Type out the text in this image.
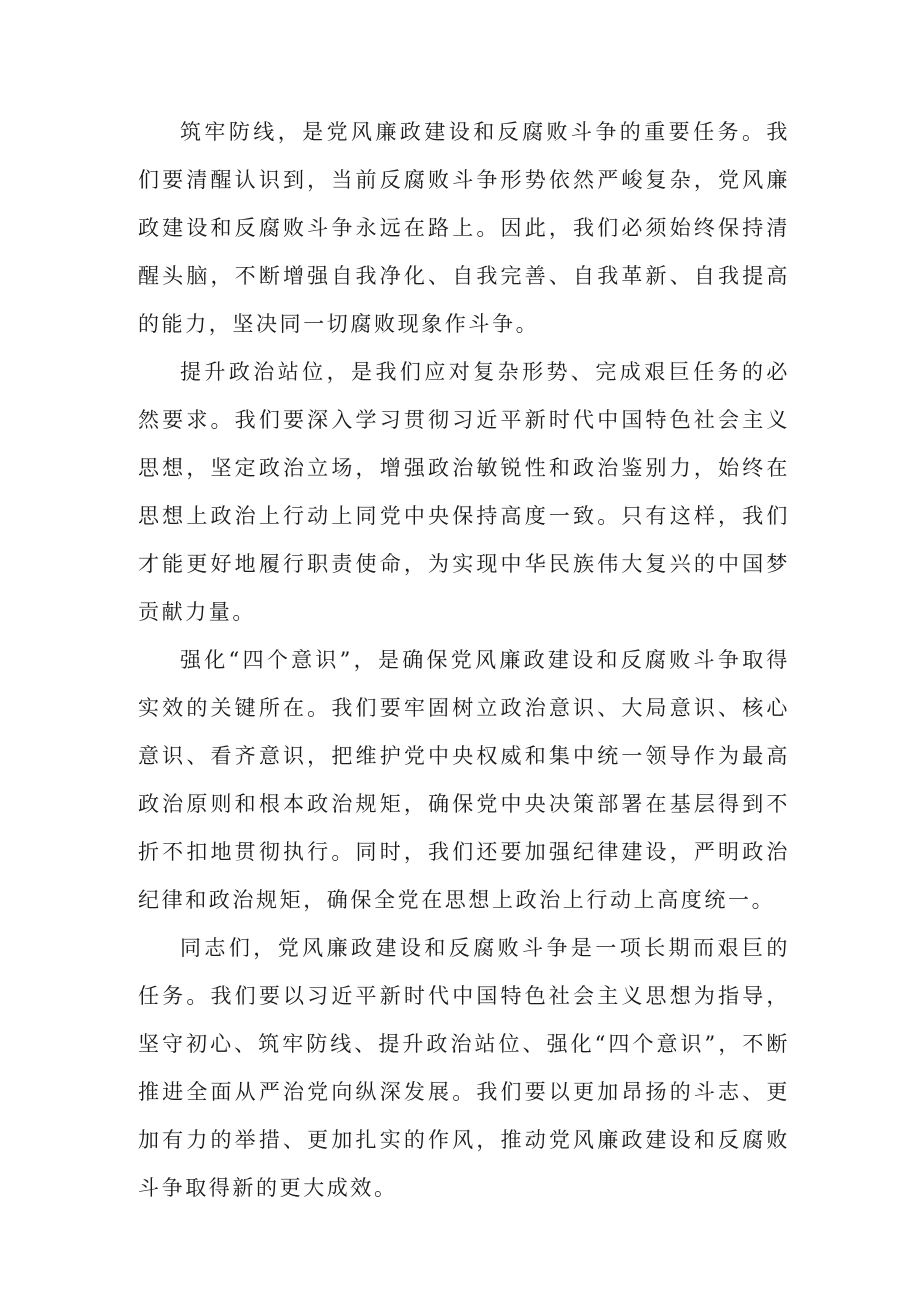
筑牢防线，是党风廉政建设和反腐败斗争的重要任务。我们要清醒认识到，当前反腐败斗争形势依然严峻复杂，党风廉政建设和反腐败斗争永远在路上。因此，我们必须始终保持清醒头脑，不断增强自我净化、自我完善、自我革新、自我提高的能力，坚决同一切腐败现象作斗争。

提升政治站位，是我们应对复杂形势、完成艰巨任务的必然要求。我们要深入学习贯彻习近平新时代中国特色社会主义思想，坚定政治立场，增强政治敏锐性和政治鉴别力，始终在思想上政治上行动上同党中央保持高度一致。只有这样，我们才能更好地履行职责使命，为实现中华民族伟大复兴的中国梦贡献力量。

强化“四个意识”，是确保党风廉政建设和反腐败斗争取得实效的关键所在。我们要牢固树立政治意识、大局意识、核心意识、看齐意识，把维护党中央权威和集中统一领导作为最高政治原则和根本政治规矩，确保党中央决策部署在基层得到不折不扣地贯彻执行。同时，我们还要加强纪律建设，严明政治纪律和政治规矩，确保全党在思想上政治上行动上高度统一。

同志们，党风廉政建设和反腐败斗争是一项长期而艰巨的任务。我们要以习近平新时代中国特色社会主义思想为指导，坚守初心、筑牢防线、提升政治站位、强化“四个意识”，不断推进全面从严治党向纵深发展。我们要以更加昂扬的斗志、更加有力的举措、更加扎实的作风，推动党风廉政建设和反腐败斗争取得新的更大成效。
